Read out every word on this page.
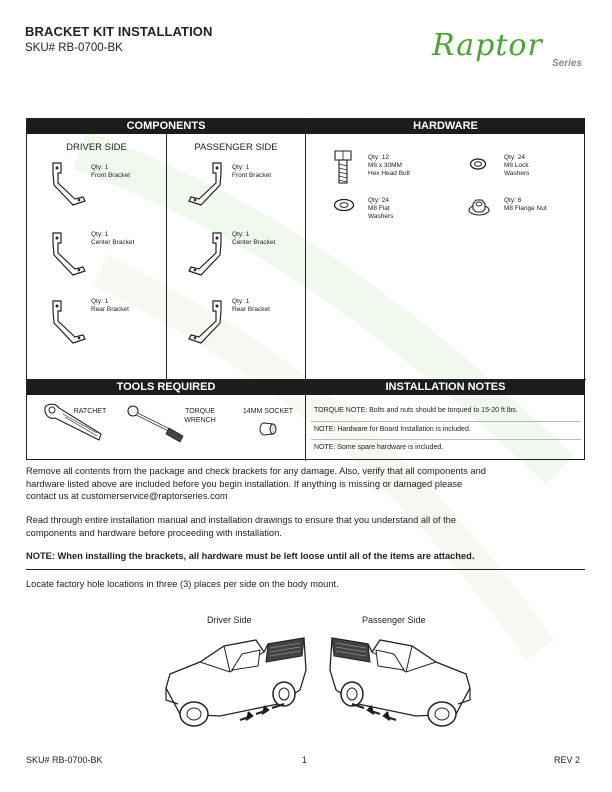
BRACKET KIT INSTALLATION
SKU# RB-0700-BK	Raptor
Series
COMPONENTS	HARDWARE
DRIVER SIDE	PASSENGER SIDE
Qty: 1
Front Bracket
Qty: 1
Center Bracket
Qty: 1
Rear Bracket
Qty: 1
Front Bracket
Qty: 1
Center Bracket
Qty: 1
Rear Bracket
Qty: 12
M8 x 30MM
Hex Head Bolt
Qty: 24
M8 Lock
Washers
Qty: 24
M8 Flat
Washers
Qty: 6
M8 Flange Nut
TOOLS REQUIRED	INSTALLATION NOTES
RATCHET	TORQUE
WRENCH
14MM SOCKET	TORQUE NOTE: Bolts and nuts should be torqued to 15-20 ft lbs.
NOTE: Hardware for Board Installation is included.
NOTE: Some spare hardware is included.
Remove all contents from the package and check brackets for any damage. Also, verify that all components and
hardware listed above are included before you begin installation. If anything is missing or damaged please
contact us at customerservice@raptorseries.com
Read through entire installation manual and installation drawings to ensure that you understand all of the
components and hardware before proceeding with installation.
NOTE: When installing the brackets, all hardware must be left loose until all of the items are attached.
Locate factory hole locations in three (3) places per side on the body mount.
Driver Side	Passenger Side
SKU# RB-0700-BK	1	REV 2
